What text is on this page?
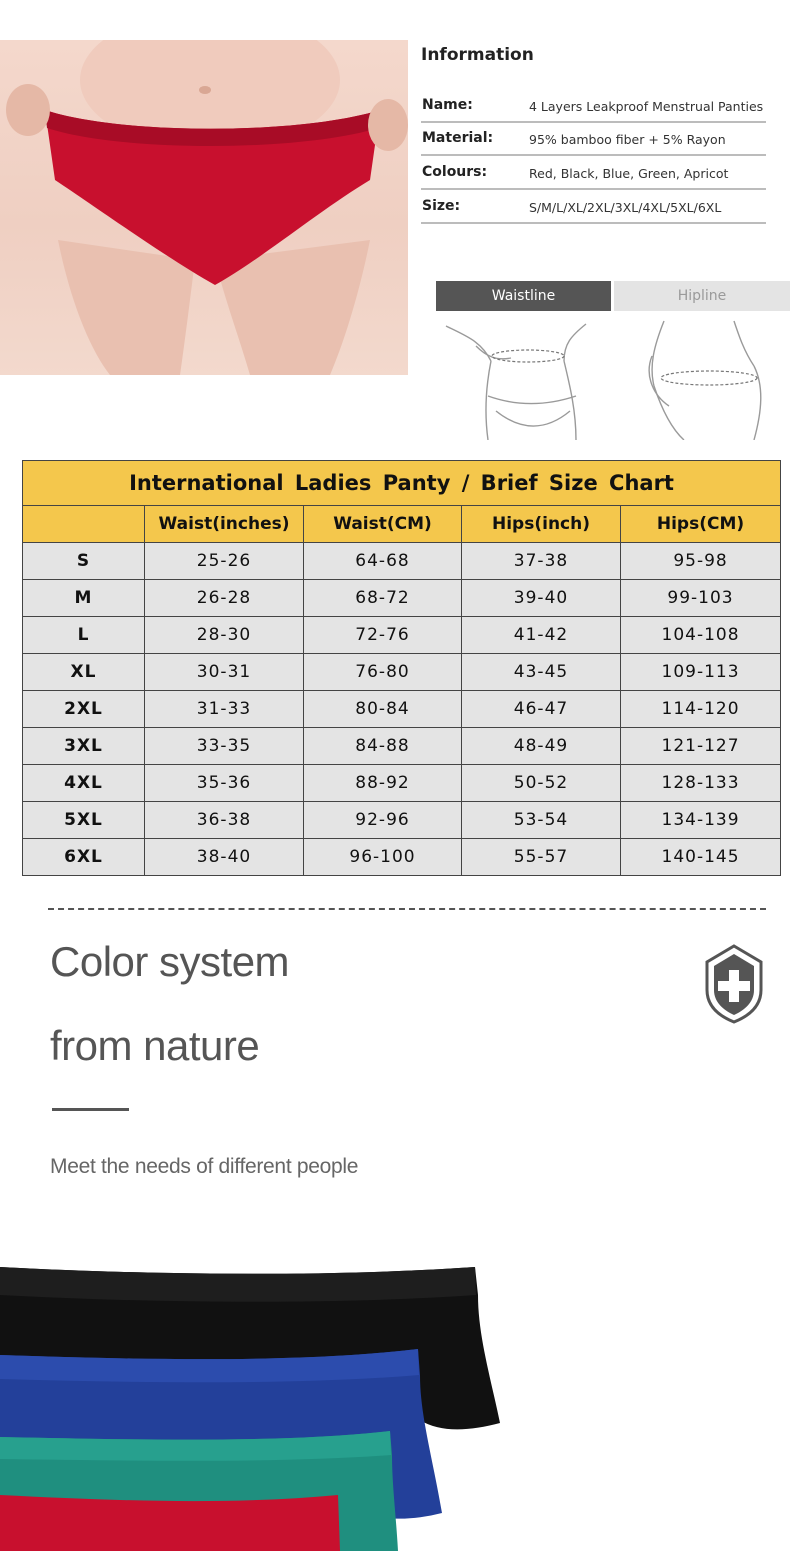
Information
Name:	4 Layers Leakproof Menstrual Panties
Material:	95% bamboo fiber + 5% Rayon
Colours:	Red, Black, Blue, Green, Apricot
Size:	S/M/L/XL/2XL/3XL/4XL/5XL/6XL
Waistline	Hipline
International Ladies Panty / Brief Size Chart				
	Waist(inches)	Waist(CM)	Hips(inch)	Hips(CM)
S	25-26	64-68	37-38	95-98
M	26-28	68-72	39-40	99-103
L	28-30	72-76	41-42	104-108
XL	30-31	76-80	43-45	109-113
2XL	31-33	80-84	46-47	114-120
3XL	33-35	84-88	48-49	121-127
4XL	35-36	88-92	50-52	128-133
5XL	36-38	92-96	53-54	134-139
6XL	38-40	96-100	55-57	140-145
Color system
from nature
Meet the needs of different people
